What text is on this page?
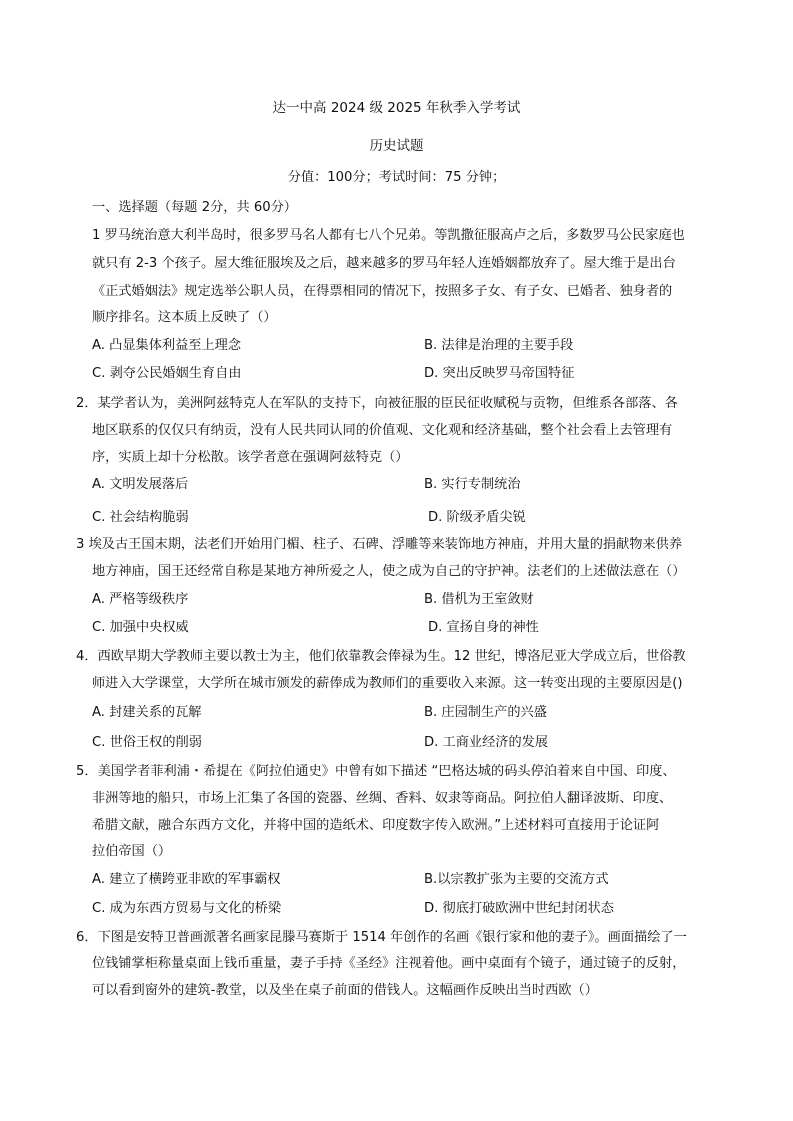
达一中高 2024 级 2025 年秋季入学考试
历史试题
分值：100分；考试时间：75 分钟；
一、选择题（每题 2分，共 60分）
1 罗马统治意大利半岛时，很多罗马名人都有七八个兄弟。等凯撒征服高卢之后，多数罗马公民家庭也
就只有 2-3 个孩子。屋大维征服埃及之后，越来越多的罗马年轻人连婚姻都放弃了。屋大维于是出台
《正式婚姻法》规定选举公职人员，在得票相同的情况下，按照多子女、有子女、已婚者、独身者的
顺序排名。这本质上反映了（）
A. 凸显集体利益至上理念	B. 法律是治理的主要手段
C. 剥夺公民婚姻生育自由	D. 突出反映罗马帝国特征
2．某学者认为，美洲阿兹特克人在军队的支持下，向被征服的臣民征收赋税与贡物，但维系各部落、各
地区联系的仅仅只有纳贡，没有人民共同认同的价值观、文化观和经济基础，整个社会看上去管理有
序，实质上却十分松散。该学者意在强调阿兹特克（）
A. 文明发展落后	B. 实行专制统治
C. 社会结构脆弱	D. 阶级矛盾尖锐
3 埃及古王国末期，法老们开始用门楣、柱子、石碑、浮雕等来装饰地方神庙，并用大量的捐献物来供养
地方神庙，国王还经常自称是某地方神所爱之人，使之成为自己的守护神。法老们的上述做法意在（）
A. 严格等级秩序	B. 借机为王室敛财
C. 加强中央权威	D. 宣扬自身的神性
4．西欧早期大学教师主要以教士为主，他们依靠教会俸禄为生。12 世纪，博洛尼亚大学成立后，世俗教
师进入大学课堂，大学所在城市颁发的薪俸成为教师们的重要收入来源。这一转变出现的主要原因是()
A. 封建关系的瓦解	B. 庄园制生产的兴盛
C. 世俗王权的削弱	D. 工商业经济的发展
5．美国学者菲利浦・希提在《阿拉伯通史》中曾有如下描述 “巴格达城的码头停泊着来自中国、印度、
非洲等地的船只，市场上汇集了各国的瓷器、丝绸、香料、奴隶等商品。阿拉伯人翻译波斯、印度、
希腊文献，融合东西方文化，并将中国的造纸术、印度数字传入欧洲。”上述材料可直接用于论证阿
拉伯帝国（）
A. 建立了横跨亚非欧的军事霸权	B.以宗教扩张为主要的交流方式
C. 成为东西方贸易与文化的桥梁	D. 彻底打破欧洲中世纪封闭状态
6．下图是安特卫普画派著名画家昆滕马赛斯于 1514 年创作的名画《银行家和他的妻子》。画面描绘了一
位钱铺掌柜称量桌面上钱币重量，妻子手持《圣经》注视着他。画中桌面有个镜子，通过镜子的反射，
可以看到窗外的建筑-教堂，以及坐在桌子前面的借钱人。这幅画作反映出当时西欧（）
